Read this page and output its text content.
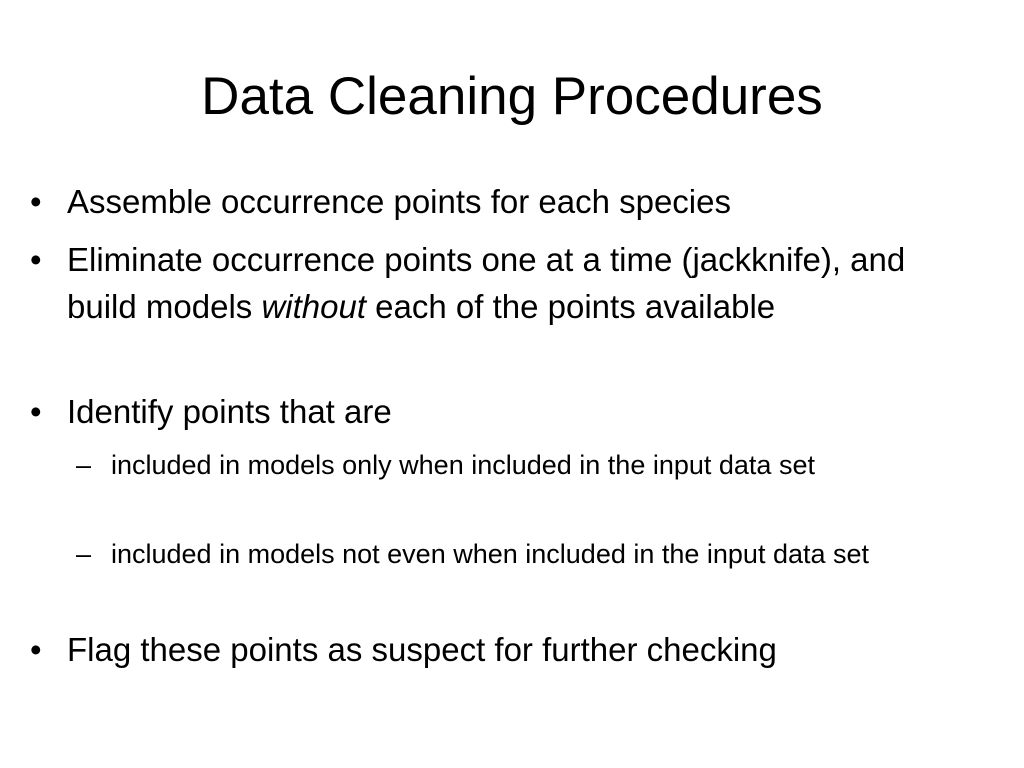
Data Cleaning Procedures
• Assemble occurrence points for each species
• Eliminate occurrence points one at a time (jackknife), and build models without each of the points available
• Identify points that are
– included in models only when included in the input data set
– included in models not even when included in the input data set
• Flag these points as suspect for further checking
